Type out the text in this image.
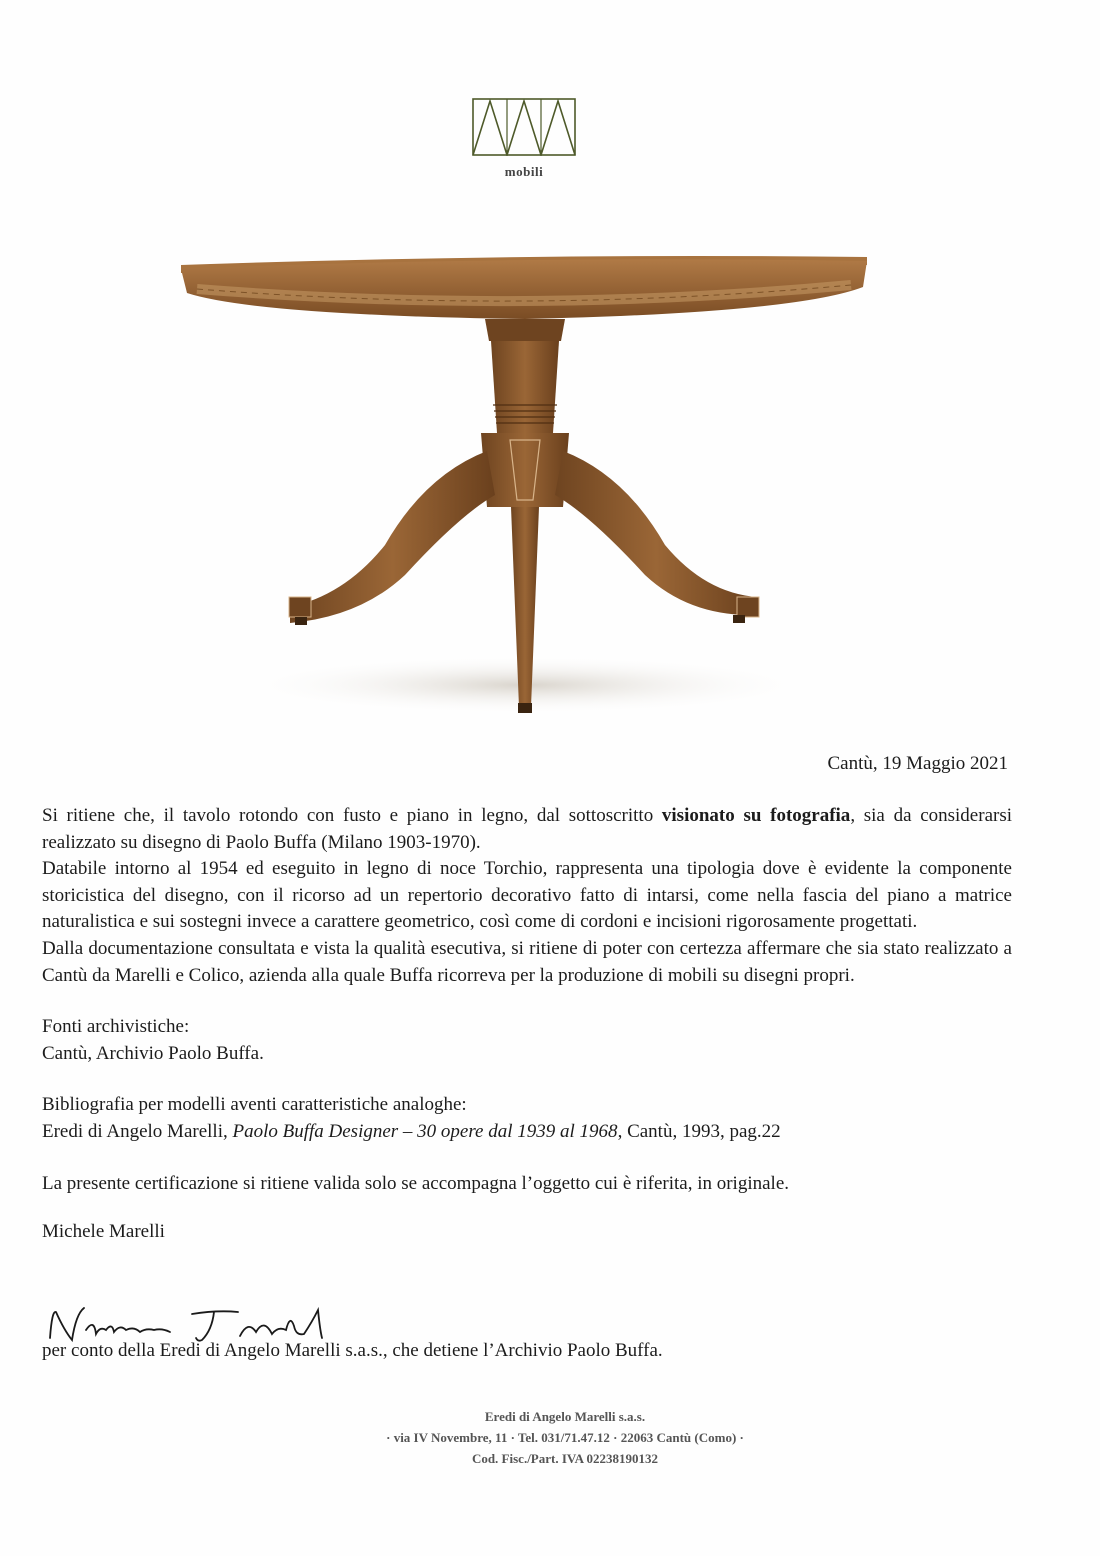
mobili
Cantù, 19 Maggio 2021

Si ritiene che, il tavolo rotondo con fusto e piano in legno, dal sottoscritto visionato su fotografia, sia da considerarsi realizzato su disegno di Paolo Buffa (Milano 1903-1970).

Databile intorno al 1954 ed eseguito in legno di noce Torchio, rappresenta una tipologia dove è evidente la componente storicistica del disegno, con il ricorso ad un repertorio decorativo fatto di intarsi, come nella fascia del piano a matrice naturalistica e sui sostegni invece a carattere geometrico, così come di cordoni e incisioni rigorosamente progettati.

Dalla documentazione consultata e vista la qualità esecutiva, si ritiene di poter con certezza affermare che sia stato realizzato a Cantù da Marelli e Colico, azienda alla quale Buffa ricorreva per la produzione di mobili su disegni propri.

Fonti archivistiche:

Cantù, Archivio Paolo Buffa.

Bibliografia per modelli aventi caratteristiche analoghe:

Eredi di Angelo Marelli, Paolo Buffa Designer – 30 opere dal 1939 al 1968, Cantù, 1993, pag.22

La presente certificazione si ritiene valida solo se accompagna l’oggetto cui è riferita, in originale.

Michele Marelli

per conto della Eredi di Angelo Marelli s.a.s., che detiene l’Archivio Paolo Buffa.
Eredi di Angelo Marelli s.a.s.
· via IV Novembre, 11 · Tel. 031/71.47.12 · 22063 Cantù (Como) ·
Cod. Fisc./Part. IVA 02238190132
